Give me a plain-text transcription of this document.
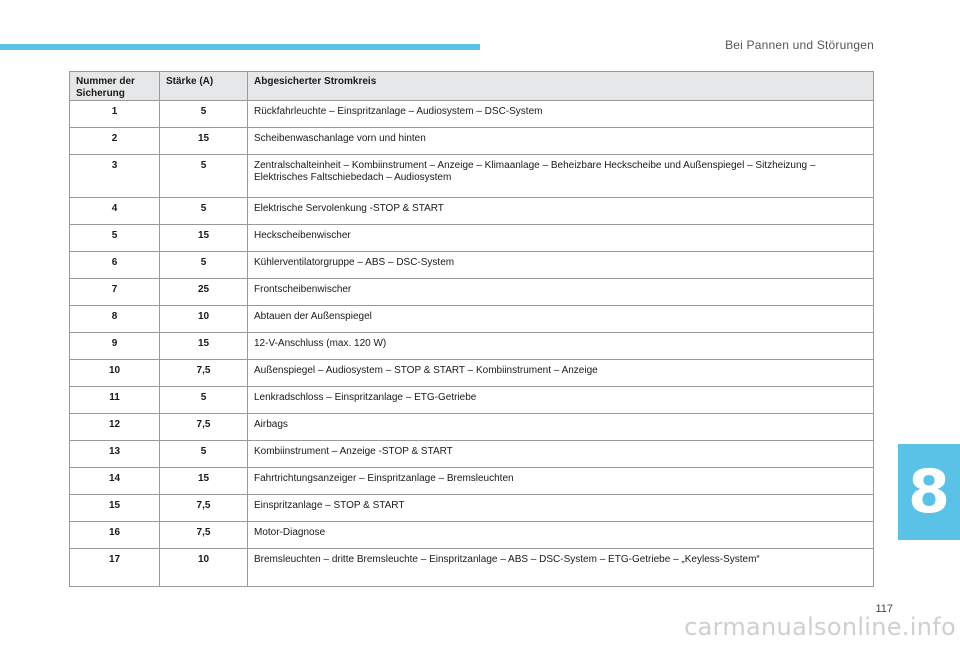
Bei Pannen und Störungen
Nummer der Sicherung	Stärke (A)	Abgesicherter Stromkreis
1	5	Rückfahrleuchte – Einspritzanlage – Audiosystem – DSC-System
2	15	Scheibenwaschanlage vorn und hinten
3	5	Zentralschalteinheit – Kombiinstrument – Anzeige – Klimaanlage – Beheizbare Heckscheibe und Außenspiegel – Sitzheizung – Elektrisches Faltschiebedach – Audiosystem
4	5	Elektrische Servolenkung -STOP & START
5	15	Heckscheibenwischer
6	5	Kühlerventilatorgruppe – ABS – DSC-System
7	25	Frontscheibenwischer
8	10	Abtauen der Außenspiegel
9	15	12-V-Anschluss (max. 120 W)
10	7,5	Außenspiegel – Audiosystem – STOP & START – Kombiinstrument – Anzeige
11	5	Lenkradschloss – Einspritzanlage – ETG-Getriebe
12	7,5	Airbags
13	5	Kombiinstrument – Anzeige -STOP & START
14	15	Fahrtrichtungsanzeiger – Einspritzanlage – Bremsleuchten
15	7,5	Einspritzanlage – STOP & START
16	7,5	Motor-Diagnose
17	10	Bremsleuchten – dritte Bremsleuchte – Einspritzanlage – ABS – DSC-System – ETG-Getriebe – „Keyless-System“
8
117
carmanualsonline.info
